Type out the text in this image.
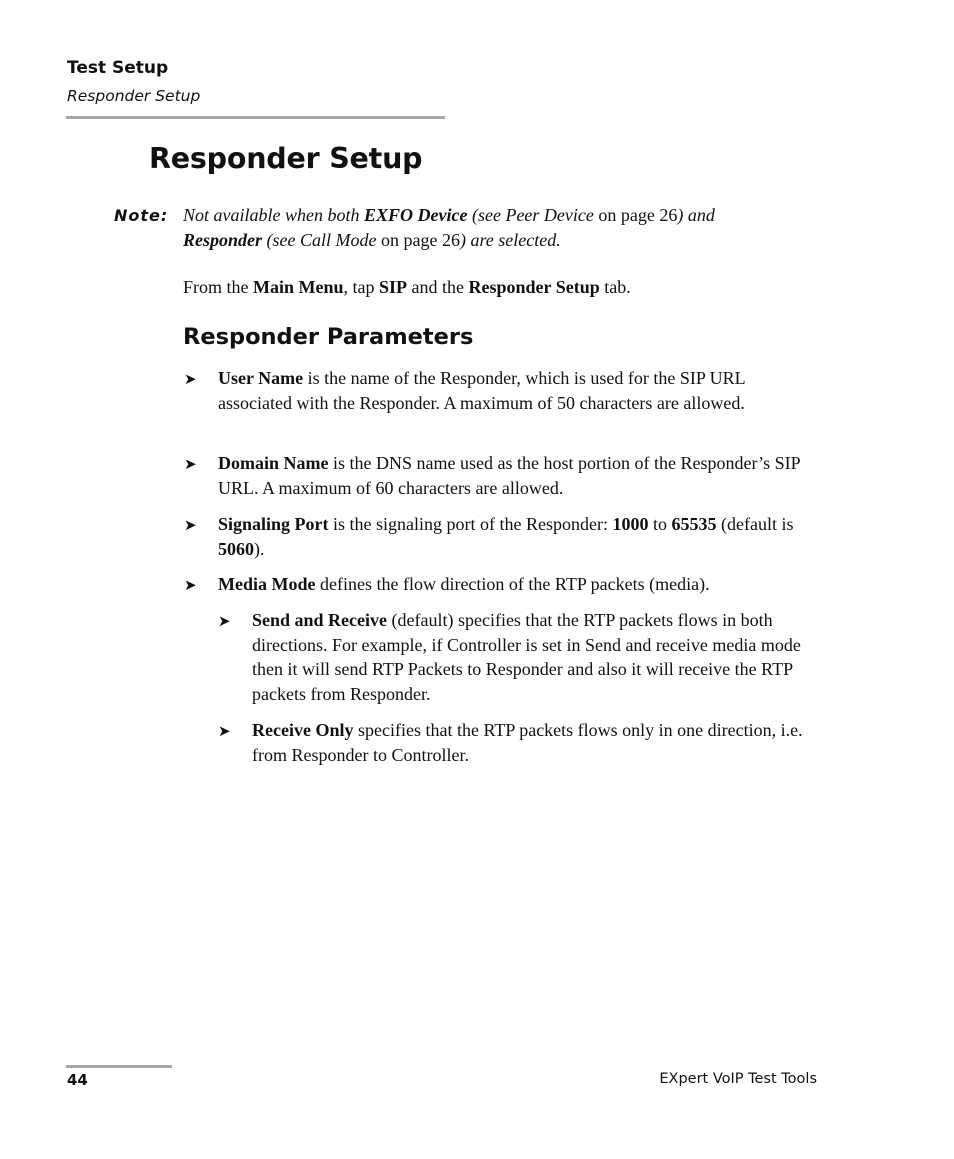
Test Setup
Responder Setup
Responder Setup
Note: Not available when both EXFO Device (see Peer Device on page 26) and
Responder (see Call Mode on page 26) are selected.

From the Main Menu, tap SIP and the Responder Setup tab.

Responder Parameters
➤ User Name is the name of the Responder, which is used for the SIP URL associated with the Responder. A maximum of 50 characters are allowed.

➤ Domain Name is the DNS name used as the host portion of the Responder’s SIP URL. A maximum of 60 characters are allowed.

➤ Signaling Port is the signaling port of the Responder: 1000 to 65535 (default is 5060).

➤ Media Mode defines the flow direction of the RTP packets (media).

➤ Send and Receive (default) specifies that the RTP packets flows in both directions. For example, if Controller is set in Send and receive media mode then it will send RTP Packets to Responder and also it will receive the RTP packets from Responder.

➤ Receive Only specifies that the RTP packets flows only in one direction, i.e. from Responder to Controller.

44	EXpert VoIP Test Tools
